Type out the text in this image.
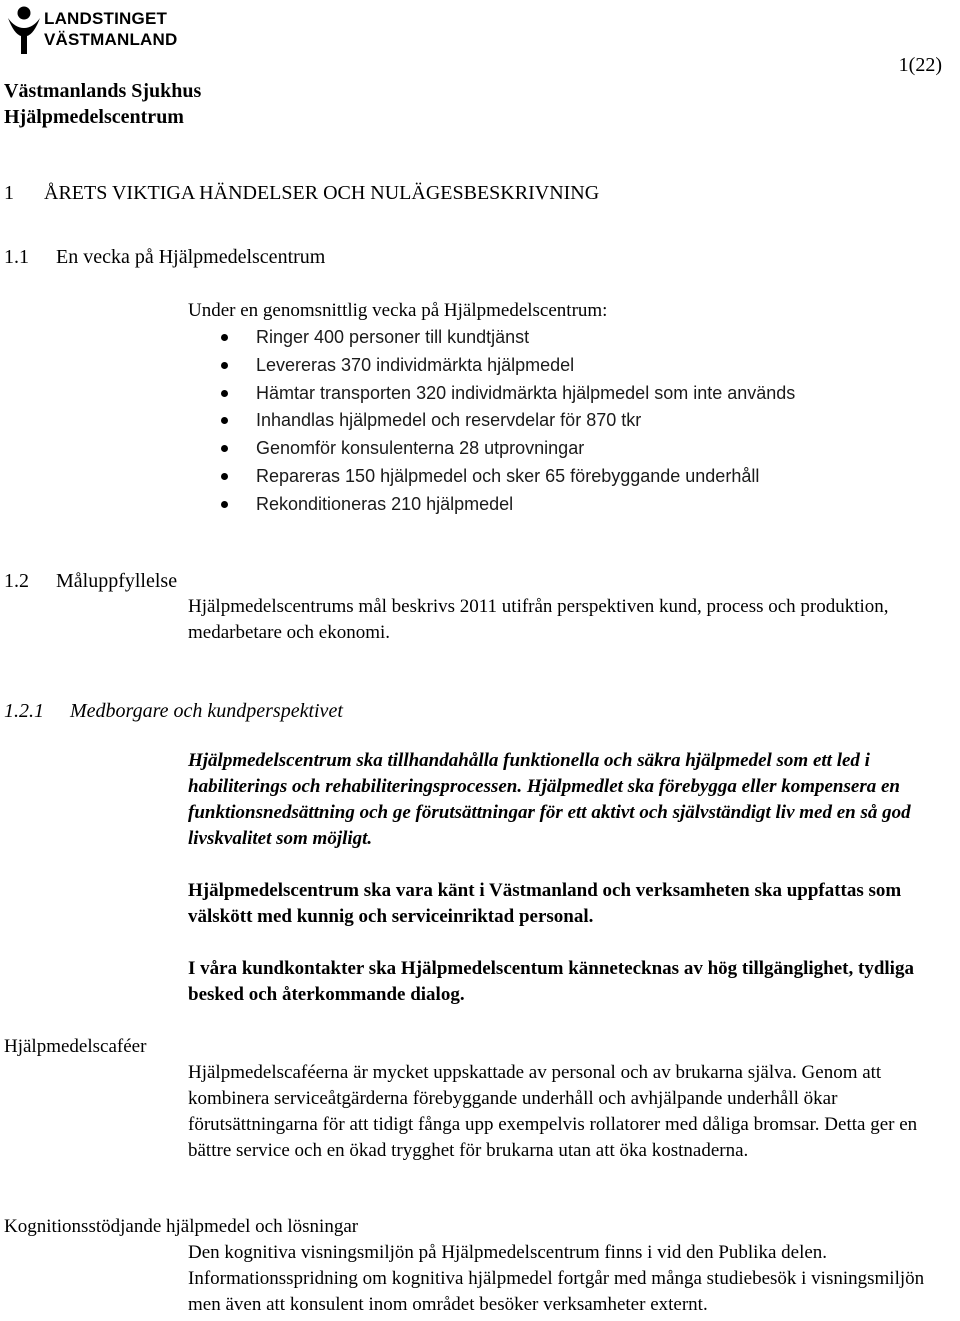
LANDSTINGET
VÄSTMANLAND
Västmanlands Sjukhus
Hjälpmedelscentrum
1(22)
1 ÅRETS VIKTIGA HÄNDELSER OCH NULÄGESBESKRIVNING
1.1 En vecka på Hjälpmedelscentrum

Under en genomsnittlig vecka på Hjälpmedelscentrum:

Ringer 400 personer till kundtjänst
Levereras 370 individmärkta hjälpmedel
Hämtar transporten 320 individmärkta hjälpmedel som inte används
Inhandlas hjälpmedel och reservdelar för 870 tkr
Genomför konsulenterna 28 utprovningar
Repareras 150 hjälpmedel och sker 65 förebyggande underhåll
Rekonditioneras 210 hjälpmedel
1.2 Måluppfyllelse

Hjälpmedelscentrums mål beskrivs 2011 utifrån perspektiven kund, process och produktion, medarbetare och ekonomi.

1.2.1 Medborgare och kundperspektivet

Hjälpmedelscentrum ska tillhandahålla funktionella och säkra hjälpmedel som ett led i habiliterings och rehabiliteringsprocessen. Hjälpmedlet ska förebygga eller kompensera en funktionsnedsättning och ge förutsättningar för ett aktivt och självständigt liv med en så god livskvalitet som möjligt.

Hjälpmedelscentrum ska vara känt i Västmanland och verksamheten ska uppfattas som välskött med kunnig och serviceinriktad personal.

I våra kundkontakter ska Hjälpmedelscentum kännetecknas av hög tillgänglighet, tydliga besked och återkommande dialog.

Hjälpmedelscaféer

Hjälpmedelscaféerna är mycket uppskattade av personal och av brukarna själva. Genom att kombinera serviceåtgärderna förebyggande underhåll och avhjälpande underhåll ökar förutsättningarna för att tidigt fånga upp exempelvis rollatorer med dåliga bromsar. Detta ger en bättre service och en ökad trygghet för brukarna utan att öka kostnaderna.

Kognitionsstödjande hjälpmedel och lösningar

Den kognitiva visningsmiljön på Hjälpmedelscentrum finns i vid den Publika delen. Informationsspridning om kognitiva hjälpmedel fortgår med många studiebesök i visningsmiljön men även att konsulent inom området besöker verksamheter externt.
